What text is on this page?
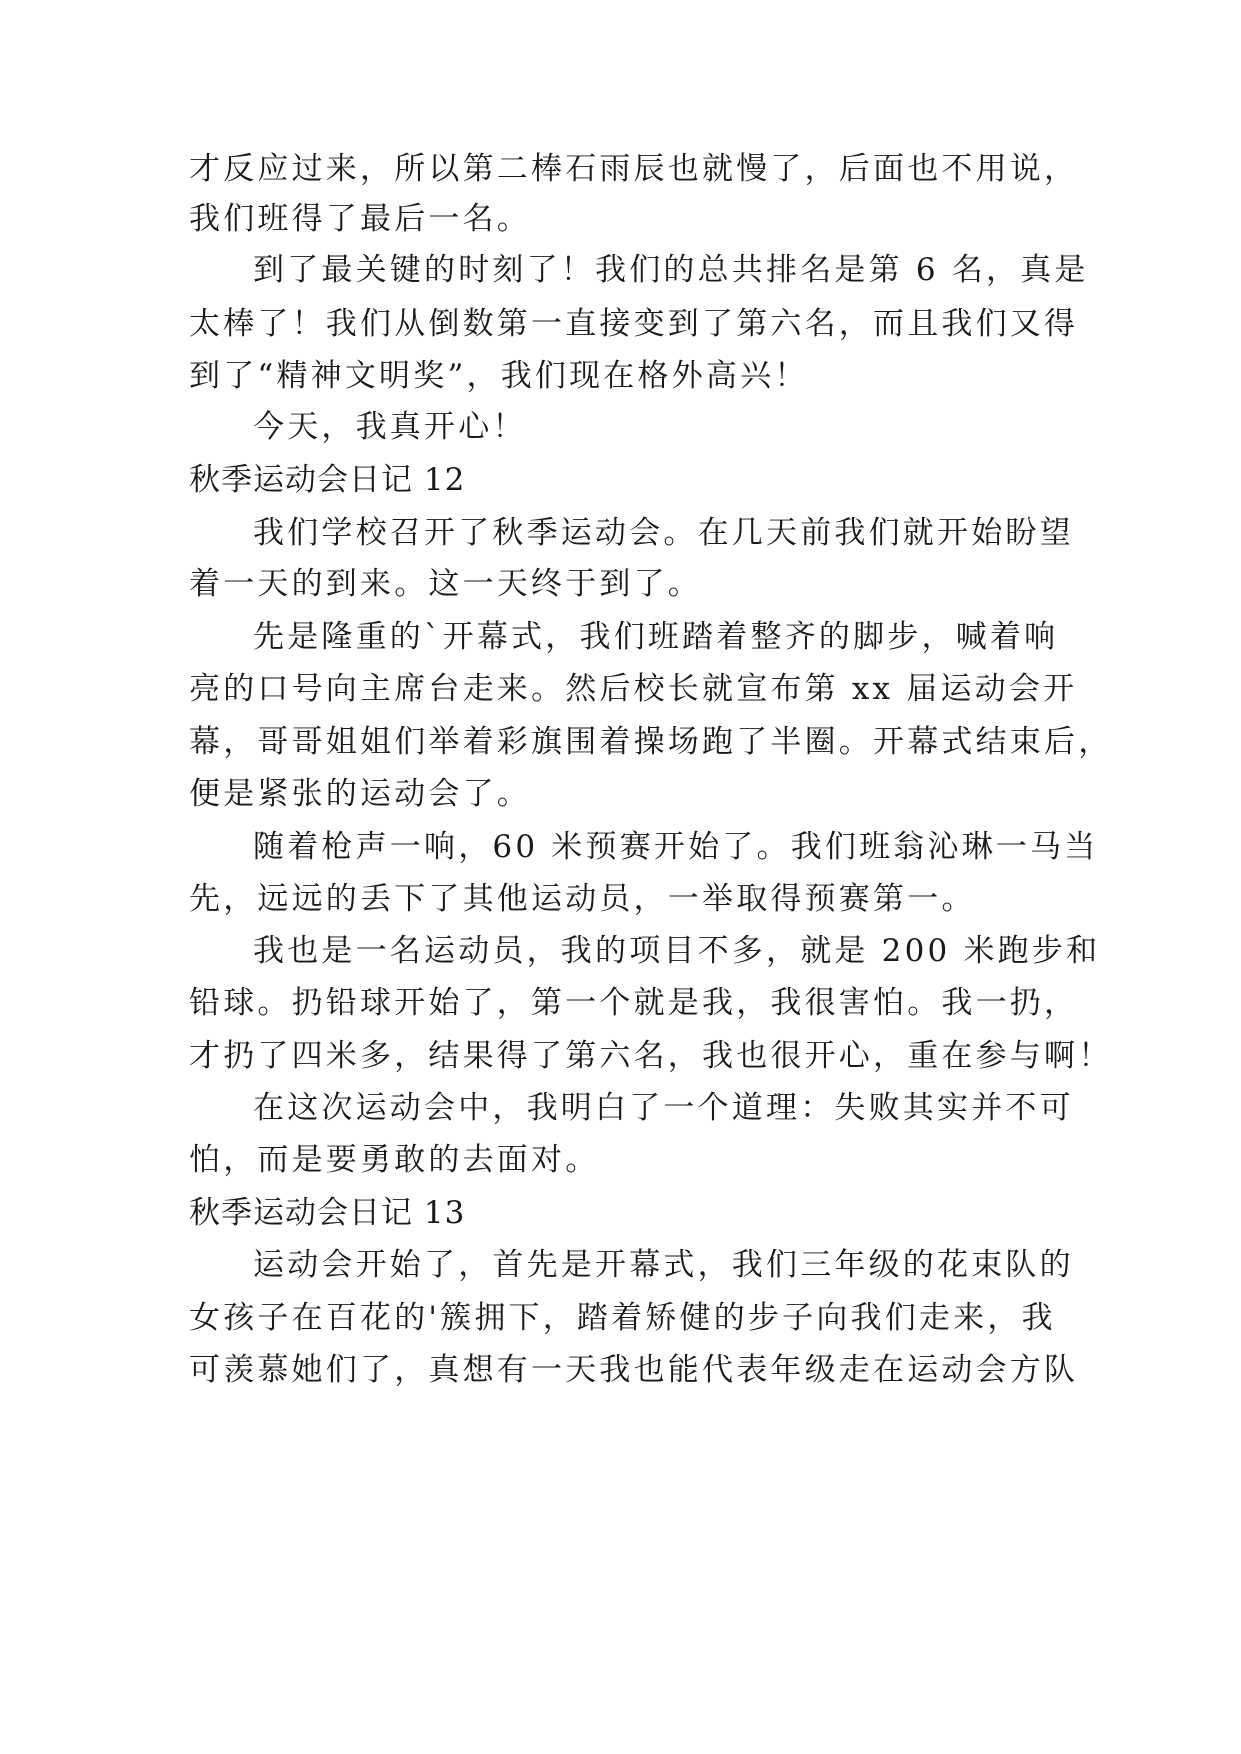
才反应过来，所以第二棒石雨辰也就慢了，后面也不用说，
我们班得了最后一名。
到了最关键的时刻了！我们的总共排名是第 6 名，真是
太棒了！我们从倒数第一直接变到了第六名，而且我们又得
到了“精神文明奖”，我们现在格外高兴！
今天，我真开心！
秋季运动会日记 12
我们学校召开了秋季运动会。在几天前我们就开始盼望
着一天的到来。这一天终于到了。
先是隆重的`开幕式，我们班踏着整齐的脚步，喊着响
亮的口号向主席台走来。然后校长就宣布第 xx 届运动会开
幕，哥哥姐姐们举着彩旗围着操场跑了半圈。开幕式结束后，
便是紧张的运动会了。
随着枪声一响，60 米预赛开始了。我们班翁沁琳一马当
先，远远的丢下了其他运动员，一举取得预赛第一。
我也是一名运动员，我的项目不多，就是 200 米跑步和
铅球。扔铅球开始了，第一个就是我，我很害怕。我一扔，
才扔了四米多，结果得了第六名，我也很开心，重在参与啊！
在这次运动会中，我明白了一个道理：失败其实并不可
怕，而是要勇敢的去面对。
秋季运动会日记 13
运动会开始了，首先是开幕式，我们三年级的花束队的
女孩子在百花的'簇拥下，踏着矫健的步子向我们走来，我
可羡慕她们了，真想有一天我也能代表年级走在运动会方队
